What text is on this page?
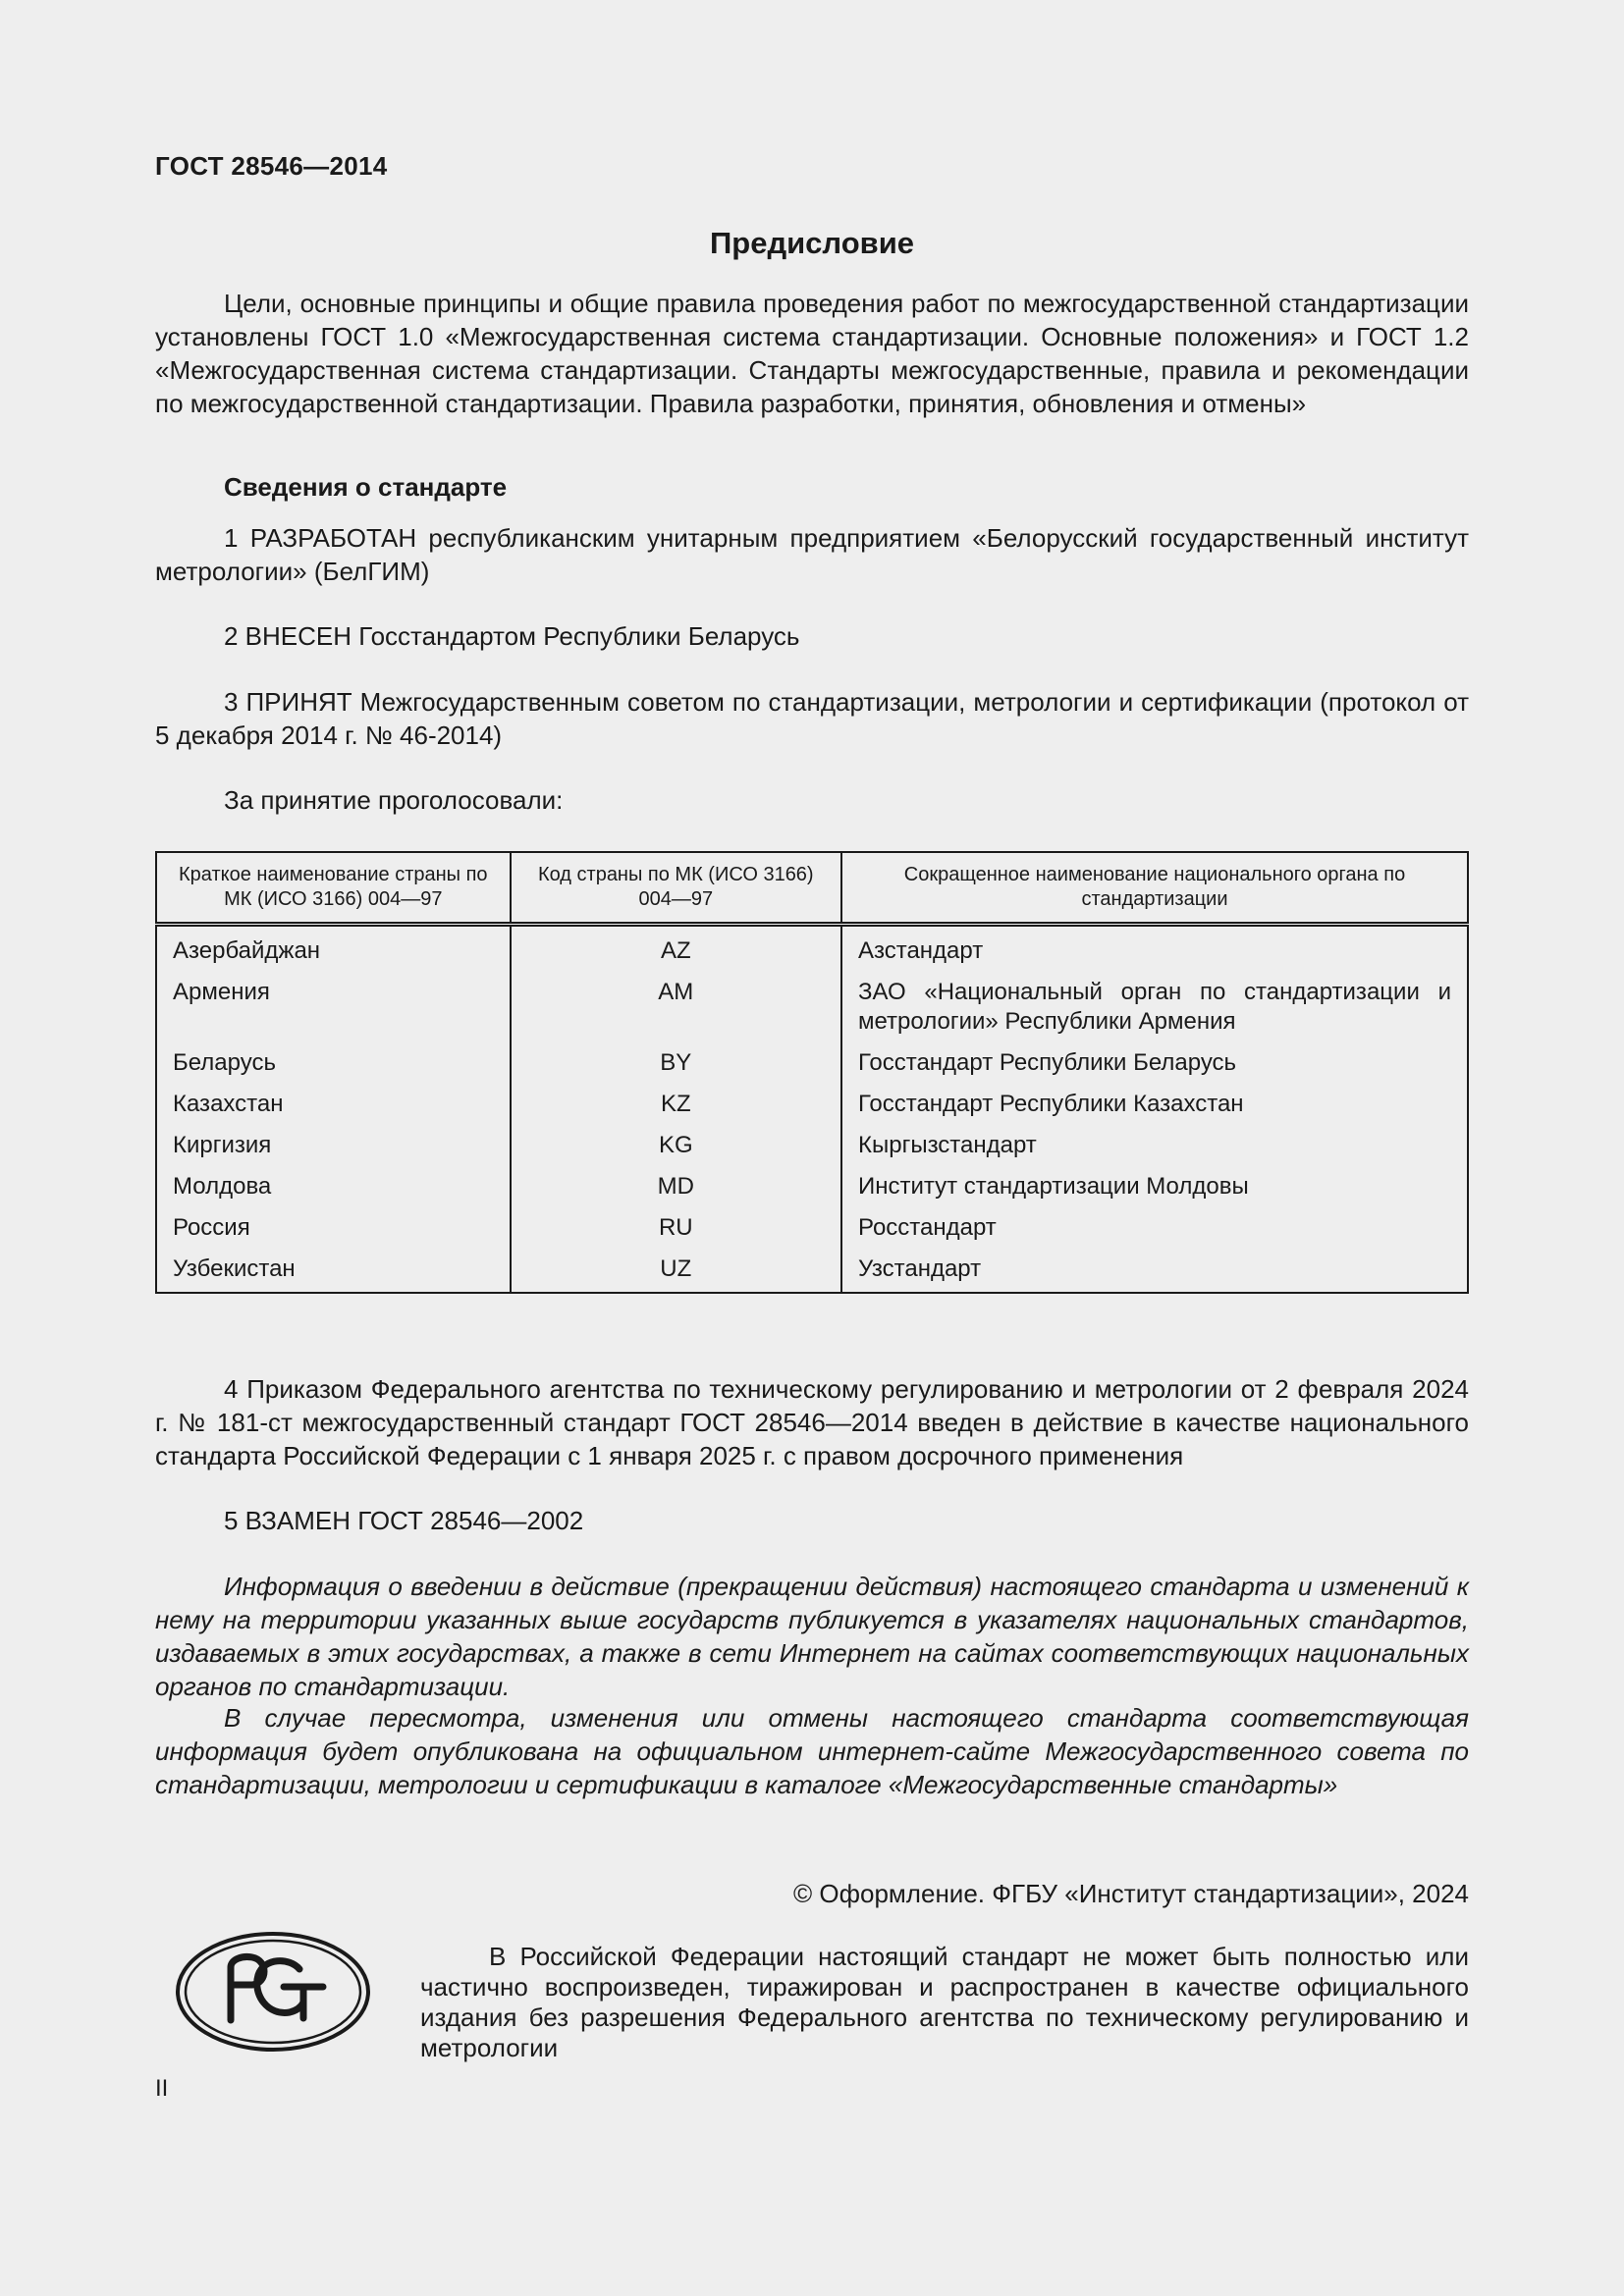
ГОСТ 28546—2014
Предисловие

Цели, основные принципы и общие правила проведения работ по межгосударственной стандартизации установлены ГОСТ 1.0 «Межгосударственная система стандартизации. Основные положения» и ГОСТ 1.2 «Межгосударственная система стандартизации. Стандарты межгосударственные, правила и рекомендации по межгосударственной стандартизации. Правила разработки, принятия, обновления и отмены»

Сведения о стандарте

1 РАЗРАБОТАН республиканским унитарным предприятием «Белорусский государственный институт метрологии» (БелГИМ)

2 ВНЕСЕН Госстандартом Республики Беларусь

3 ПРИНЯТ Межгосударственным советом по стандартизации, метрологии и сертификации (протокол от 5 декабря 2014 г. № 46-2014)

За принятие проголосовали:

Краткое наименование страны по МК (ИСО 3166) 004—97	Код страны по МК (ИСО 3166) 004—97	Сокращенное наименование национального органа по стандартизации
Азербайджан	AZ	Азстандарт
Армения	AM	ЗАО «Национальный орган по стандартизации и метрологии» Республики Армения
Беларусь	BY	Госстандарт Республики Беларусь
Казахстан	KZ	Госстандарт Республики Казахстан
Киргизия	KG	Кыргызстандарт
Молдова	MD	Институт стандартизации Молдовы
Россия	RU	Росстандарт
Узбекистан	UZ	Узстандарт

4 Приказом Федерального агентства по техническому регулированию и метрологии от 2 февраля 2024 г. № 181-ст межгосударственный стандарт ГОСТ 28546—2014 введен в действие в качестве национального стандарта Российской Федерации с 1 января 2025 г. с правом досрочного применения

5 ВЗАМЕН ГОСТ 28546—2002

Информация о введении в действие (прекращении действия) настоящего стандарта и изменений к нему на территории указанных выше государств публикуется в указателях национальных стандартов, издаваемых в этих государствах, а также в сети Интернет на сайтах соответствующих национальных органов по стандартизации.

В случае пересмотра, изменения или отмены настоящего стандарта соответствующая информация будет опубликована на официальном интернет-сайте Межгосударственного совета по стандартизации, метрологии и сертификации в каталоге «Межгосударственные стандарты»

© Оформление. ФГБУ «Институт стандартизации», 2024
РСТ

В Российской Федерации настоящий стандарт не может быть полностью или частично воспроизведен, тиражирован и распространен в качестве официального издания без разрешения Федерального агентства по техническому регулированию и метрологии

II
